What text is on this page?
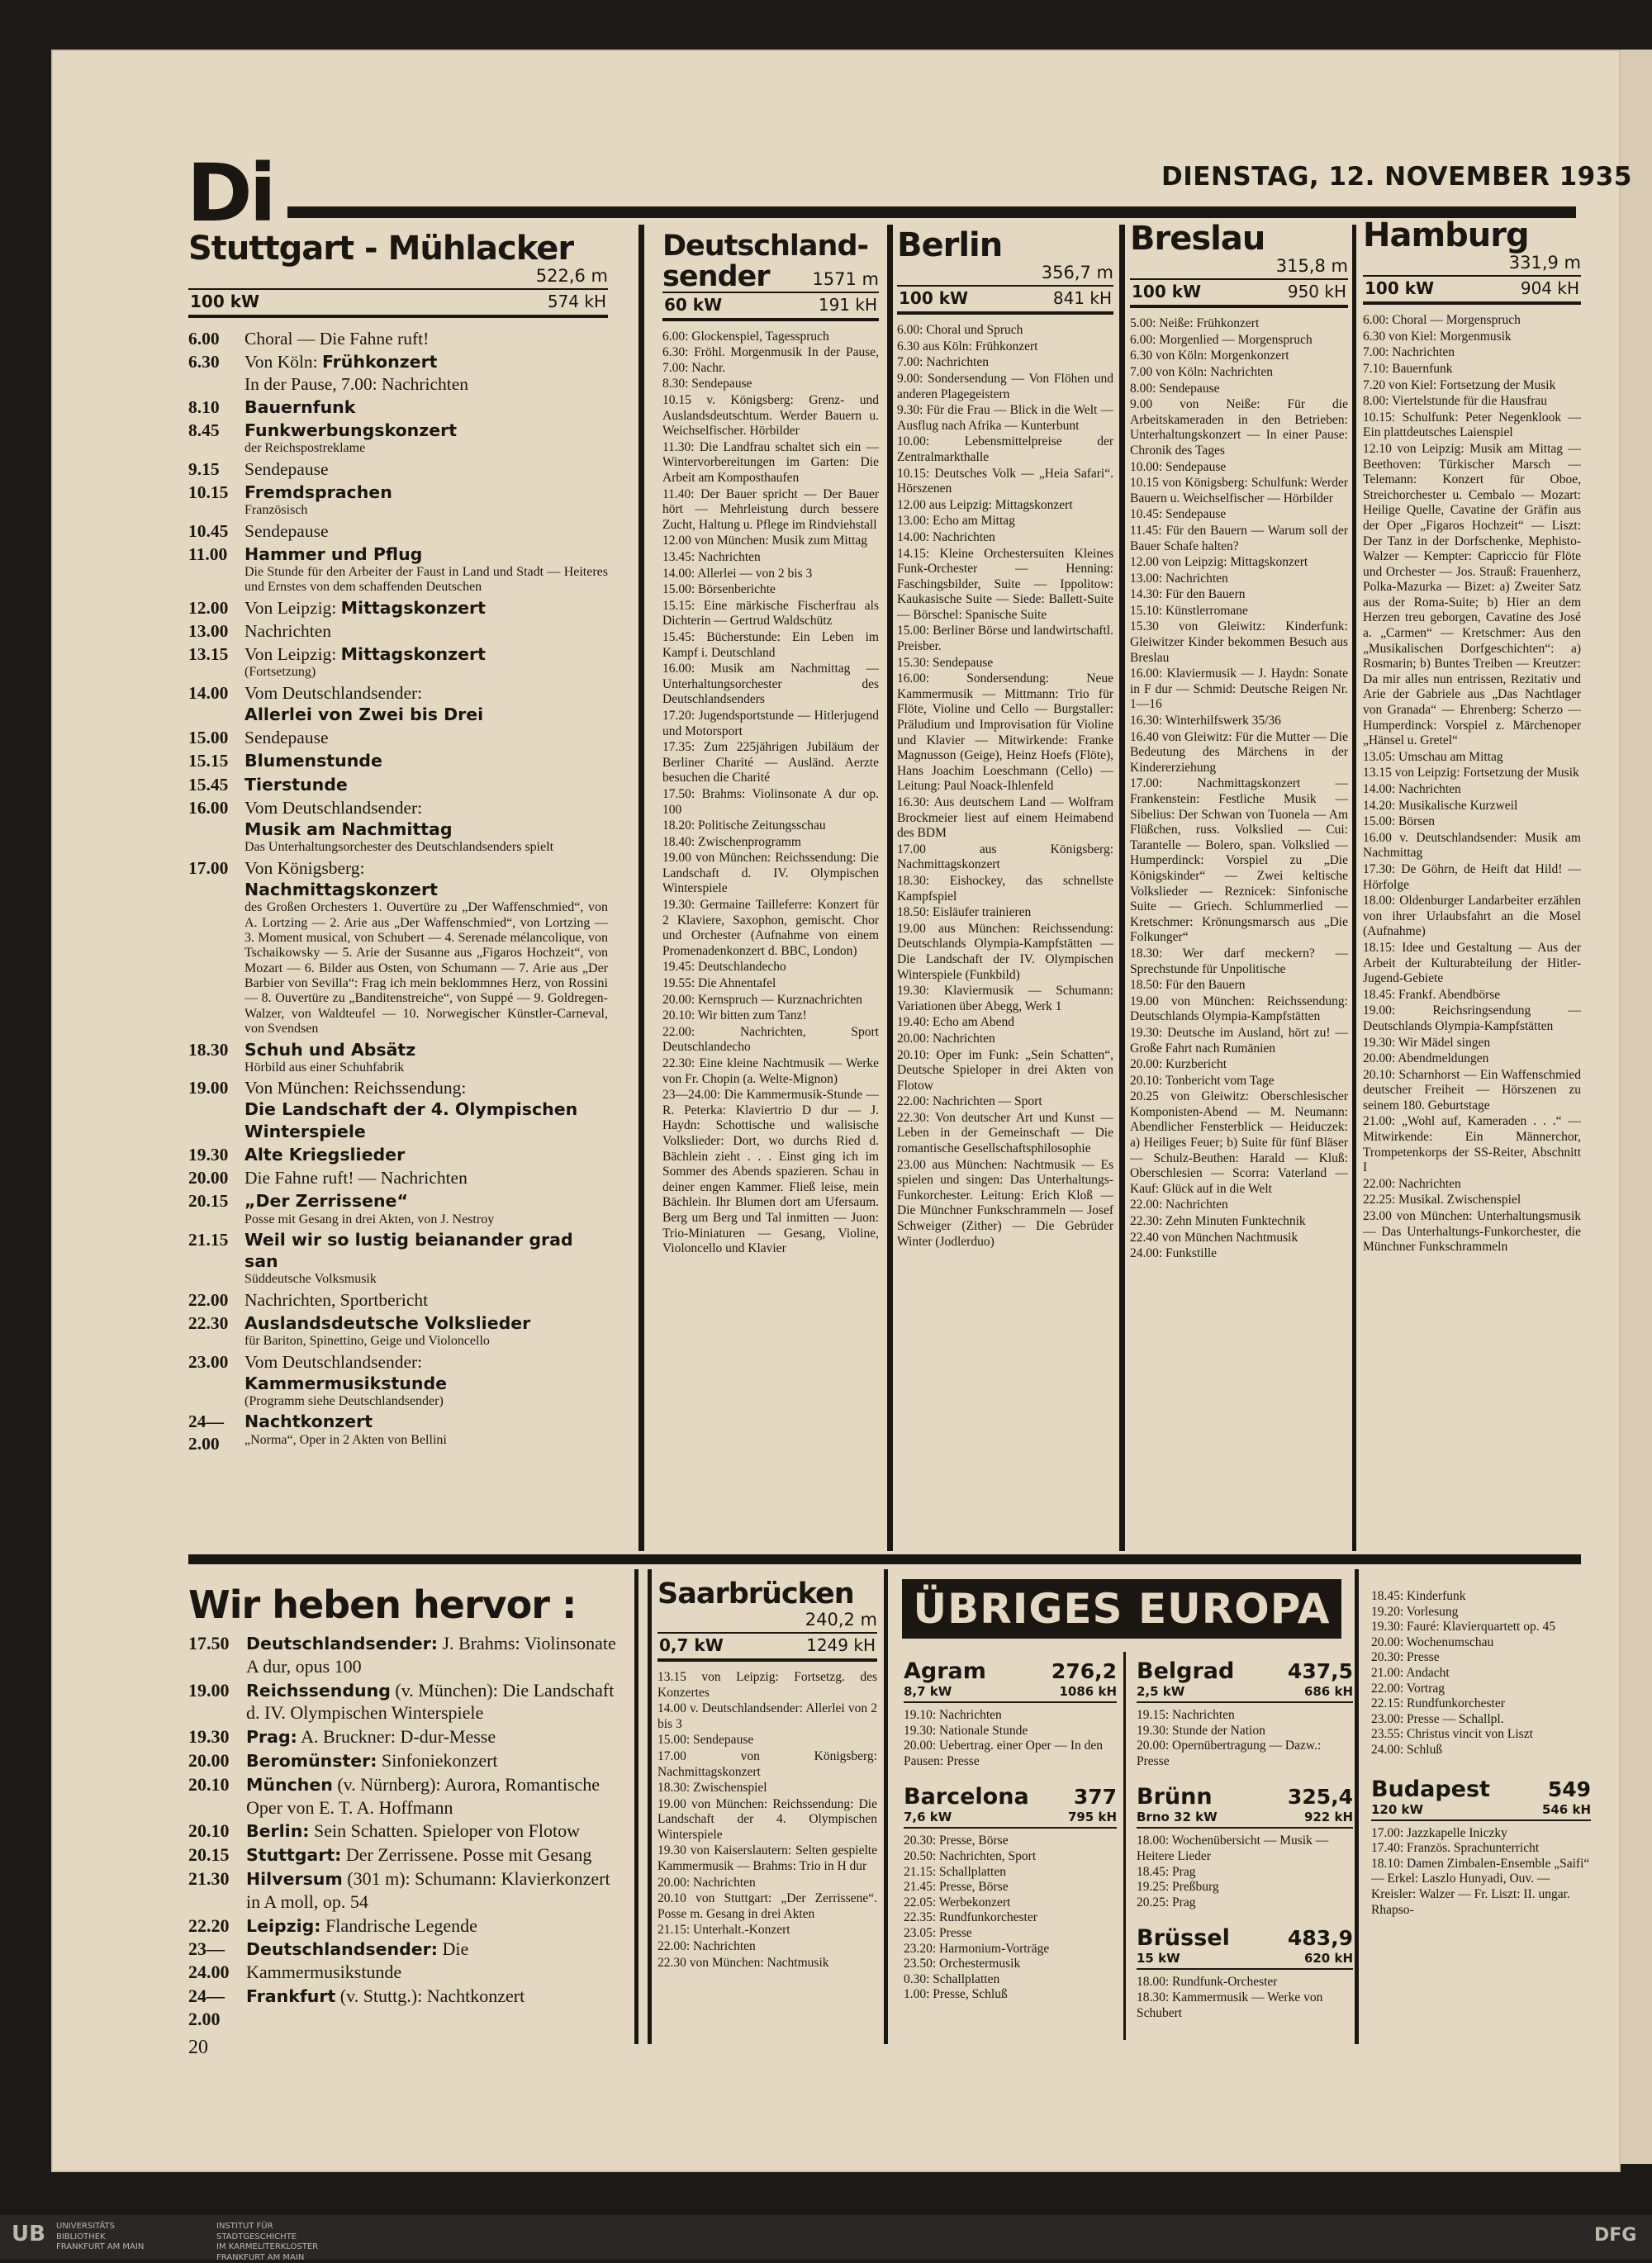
Di	DIENSTAG, 12. NOVEMBER 1935
Stuttgart - Mühlacker
522,6 m
100 kW	574 kH
6.00	Choral — Die Fahne ruft!
6.30	Von Köln: Frühkonzert
In der Pause, 7.00: Nachrichten
8.10	Bauernfunk
8.45	Funkwerbungskonzert
der Reichspostreklame
9.15	Sendepause
10.15 Fremdsprachen
Französisch
10.45 Sendepause
11.00	Hammer und Pflug
Die Stunde für den Arbeiter der Faust in Land und Stadt — Heiteres und Ernstes von dem schaffenden Deutschen
12.00 Von Leipzig: Mittagskonzert
13.00 Nachrichten
13.15 Von Leipzig: Mittagskonzert
(Fortsetzung)
14.00 Vom Deutschlandsender:
Allerlei von Zwei bis Drei
15.00 Sendepause
15.15 Blumenstunde
15.45 Tierstunde
16.00 Vom Deutschlandsender:
Musik am Nachmittag
Das Unterhaltungsorchester des Deutschlandsenders spielt
17.00 Von Königsberg:
Nachmittagskonzert
des Großen Orchesters 1. Ouvertüre zu „Der Waffenschmied“, von A. Lortzing — 2. Arie aus „Der Waffenschmied“, von Lortzing — 3. Moment musical, von Schubert — 4. Serenade mélancolique, von Tschaikowsky — 5. Arie der Susanne aus „Figaros Hochzeit“, von Mozart — 6. Bilder aus Osten, von Schumann — 7. Arie aus „Der Barbier von Sevilla“: Frag ich mein beklommnes Herz, von Rossini — 8. Ouvertüre zu „Banditenstreiche“, von Suppé — 9. Goldregen-Walzer, von Waldteufel — 10. Norwegischer Künstler-Carneval, von Svendsen
18.30 Schuh und Absätz
Hörbild aus einer Schuhfabrik
19.00 Von München: Reichssendung:
Die Landschaft der 4. Olympischen Winterspiele
19.30 Alte Kriegslieder
20.00 Die Fahne ruft! — Nachrichten
20.15 „Der Zerrissene“
Posse mit Gesang in drei Akten, von J. Nestroy
21.15 Weil wir so lustig beianander grad san
Süddeutsche Volksmusik
22.00 Nachrichten, Sportbericht
22.30 Auslandsdeutsche Volkslieder
für Bariton, Spinettino, Geige und Violoncello
23.00 Vom Deutschlandsender:
Kammermusikstunde
(Programm siehe Deutschlandsender)
24—2.00
Nachtkonzert
„Norma“, Oper in 2 Akten von Bellini
Deutschland-
sender	1571 m
60 kW	191 kH

6.00: Glockenspiel, Tagesspruch

6.30: Fröhl. Morgenmusik In der Pause, 7.00: Nachr.

8.30: Sendepause

10.15 v. Königsberg: Grenz- und Auslandsdeutschtum. Werder Bauern u. Weichselfischer. Hörbilder

11.30: Die Landfrau schaltet sich ein — Wintervorbereitungen im Garten: Die Arbeit am Komposthaufen

11.40: Der Bauer spricht — Der Bauer hört — Mehrleistung durch bessere Zucht, Haltung u. Pflege im Rindviehstall

12.00 von München: Musik zum Mittag

13.45: Nachrichten

14.00: Allerlei — von 2 bis 3

15.00: Börsenberichte

15.15: Eine märkische Fischerfrau als Dichterin — Gertrud Waldschütz

15.45: Bücherstunde: Ein Leben im Kampf i. Deutschland

16.00: Musik am Nachmittag — Unterhaltungsorchester des Deutschlandsenders

17.20: Jugendsportstunde — Hitlerjugend und Motorsport

17.35: Zum 225jährigen Jubiläum der Berliner Charité — Ausländ. Aerzte besuchen die Charité

17.50: Brahms: Violinsonate A dur op. 100

18.20: Politische Zeitungsschau

18.40: Zwischenprogramm

19.00 von München: Reichssendung: Die Landschaft d. IV. Olympischen Winterspiele

19.30: Germaine Tailleferre: Konzert für 2 Klaviere, Saxophon, gemischt. Chor und Orchester (Aufnahme von einem Promenadenkonzert d. BBC, London)

19.45: Deutschlandecho

19.55: Die Ahnentafel

20.00: Kernspruch — Kurznachrichten

20.10: Wir bitten zum Tanz!

22.00: Nachrichten, Sport Deutschlandecho

22.30: Eine kleine Nachtmusik — Werke von Fr. Chopin (a. Welte-Mignon)

23—24.00: Die Kammermusik-Stunde — R. Peterka: Klaviertrio D dur — J. Haydn: Schottische und walisische Volkslieder: Dort, wo durchs Ried d. Bächlein zieht . . . Einst ging ich im Sommer des Abends spazieren. Schau in deiner engen Kammer. Fließ leise, mein Bächlein. Ihr Blumen dort am Ufersaum. Berg um Berg und Tal inmitten — Juon: Trio-Miniaturen — Gesang, Violine, Violoncello und Klavier

Berlin
356,7 m
100 kW	841 kH

6.00: Choral und Spruch

6.30 aus Köln: Frühkonzert

7.00: Nachrichten

9.00: Sondersendung — Von Flöhen und anderen Plagegeistern

9.30: Für die Frau — Blick in die Welt — Ausflug nach Afrika — Kunterbunt

10.00: Lebensmittelpreise der Zentralmarkthalle

10.15: Deutsches Volk — „Heia Safari“. Hörszenen

12.00 aus Leipzig: Mittagskonzert

13.00: Echo am Mittag

14.00: Nachrichten

14.15: Kleine Orchestersuiten Kleines Funk-Orchester — Henning: Faschingsbilder, Suite — Ippolitow: Kaukasische Suite — Siede: Ballett-Suite — Börschel: Spanische Suite

15.00: Berliner Börse und landwirtschaftl. Preisber.

15.30: Sendepause

16.00: Sondersendung: Neue Kammermusik — Mittmann: Trio für Flöte, Violine und Cello — Burgstaller: Präludium und Improvisation für Violine und Klavier — Mitwirkende: Franke Magnusson (Geige), Heinz Hoefs (Flöte), Hans Joachim Loeschmann (Cello) — Leitung: Paul Noack-Ihlenfeld

16.30: Aus deutschem Land — Wolfram Brockmeier liest auf einem Heimabend des BDM

17.00 aus Königsberg: Nachmittagskonzert

18.30: Eishockey, das schnellste Kampfspiel

18.50: Eisläufer trainieren

19.00 aus München: Reichssendung: Deutschlands Olympia-Kampfstätten — Die Landschaft der IV. Olympischen Winterspiele (Funkbild)

19.30: Klaviermusik — Schumann: Variationen über Abegg, Werk 1

19.40: Echo am Abend

20.00: Nachrichten

20.10: Oper im Funk: „Sein Schatten“, Deutsche Spieloper in drei Akten von Flotow

22.00: Nachrichten — Sport

22.30: Von deutscher Art und Kunst — Leben in der Gemeinschaft — Die romantische Gesellschaftsphilosophie

23.00 aus München: Nachtmusik — Es spielen und singen: Das Unterhaltungs-Funkorchester. Leitung: Erich Kloß — Die Münchner Funkschrammeln — Josef Schweiger (Zither) — Die Gebrüder Winter (Jodlerduo)

Breslau
315,8 m
100 kW	950 kH

5.00: Neiße: Frühkonzert

6.00: Morgenlied — Morgenspruch

6.30 von Köln: Morgenkonzert

7.00 von Köln: Nachrichten

8.00: Sendepause

9.00 von Neiße: Für die Arbeitskameraden in den Betrieben: Unterhaltungskonzert — In einer Pause: Chronik des Tages

10.00: Sendepause

10.15 von Königsberg: Schulfunk: Werder Bauern u. Weichselfischer — Hörbilder

10.45: Sendepause

11.45: Für den Bauern — Warum soll der Bauer Schafe halten?

12.00 von Leipzig: Mittagskonzert

13.00: Nachrichten

14.30: Für den Bauern

15.10: Künstlerromane

15.30 von Gleiwitz: Kinderfunk: Gleiwitzer Kinder bekommen Besuch aus Breslau

16.00: Klaviermusik — J. Haydn: Sonate in F dur — Schmid: Deutsche Reigen Nr. 1—16

16.30: Winterhilfswerk 35/36

16.40 von Gleiwitz: Für die Mutter — Die Bedeutung des Märchens in der Kindererziehung

17.00: Nachmittagskonzert — Frankenstein: Festliche Musik — Sibelius: Der Schwan von Tuonela — Am Flüßchen, russ. Volkslied — Cui: Tarantelle — Bolero, span. Volkslied — Humperdinck: Vorspiel zu „Die Königskinder“ — Zwei keltische Volkslieder — Reznicek: Sinfonische Suite — Griech. Schlummerlied — Kretschmer: Krönungsmarsch aus „Die Folkunger“

18.30: Wer darf meckern? — Sprechstunde für Unpolitische

18.50: Für den Bauern

19.00 von München: Reichssendung: Deutschlands Olympia-Kampfstätten

19.30: Deutsche im Ausland, hört zu! — Große Fahrt nach Rumänien

20.00: Kurzbericht

20.10: Tonbericht vom Tage

20.25 von Gleiwitz: Oberschlesischer Komponisten-Abend — M. Neumann: Abendlicher Fensterblick — Heiduczek: a) Heiliges Feuer; b) Suite für fünf Bläser — Schulz-Beuthen: Harald — Kluß: Oberschlesien — Scorra: Vaterland — Kauf: Glück auf in die Welt

22.00: Nachrichten

22.30: Zehn Minuten Funktechnik

22.40 von München Nachtmusik

24.00: Funkstille

Hamburg
331,9 m
100 kW	904 kH

6.00: Choral — Morgenspruch

6.30 von Kiel: Morgenmusik

7.00: Nachrichten

7.10: Bauernfunk

7.20 von Kiel: Fortsetzung der Musik

8.00: Viertelstunde für die Hausfrau

10.15: Schulfunk: Peter Negenklook — Ein plattdeutsches Laienspiel

12.10 von Leipzig: Musik am Mittag — Beethoven: Türkischer Marsch — Telemann: Konzert für Oboe, Streichorchester u. Cembalo — Mozart: Heilige Quelle, Cavatine der Gräfin aus der Oper „Figaros Hochzeit“ — Liszt: Der Tanz in der Dorfschenke, Mephisto-Walzer — Kempter: Capriccio für Flöte und Orchester — Jos. Strauß: Frauenherz, Polka-Mazurka — Bizet: a) Zweiter Satz aus der Roma-Suite; b) Hier an dem Herzen treu geborgen, Cavatine des José a. „Carmen“ — Kretschmer: Aus den „Musikalischen Dorfgeschichten“: a) Rosmarin; b) Buntes Treiben — Kreutzer: Da mir alles nun entrissen, Rezitativ und Arie der Gabriele aus „Das Nachtlager von Granada“ — Ehrenberg: Scherzo — Humperdinck: Vorspiel z. Märchenoper „Hänsel u. Gretel“

13.05: Umschau am Mittag

13.15 von Leipzig: Fortsetzung der Musik

14.00: Nachrichten

14.20: Musikalische Kurzweil

15.00: Börsen

16.00 v. Deutschlandsender: Musik am Nachmittag

17.30: De Göhrn, de Heift dat Hild! — Hörfolge

18.00: Oldenburger Landarbeiter erzählen von ihrer Urlaubsfahrt an die Mosel (Aufnahme)

18.15: Idee und Gestaltung — Aus der Arbeit der Kulturabteilung der Hitler-Jugend-Gebiete

18.45: Frankf. Abendbörse

19.00: Reichsringsendung — Deutschlands Olympia-Kampfstätten

19.30: Wir Mädel singen

20.00: Abendmeldungen

20.10: Scharnhorst — Ein Waffenschmied deutscher Freiheit — Hörszenen zu seinem 180. Geburtstage

21.00: „Wohl auf, Kameraden . . .“ — Mitwirkende: Ein Männerchor, Trompetenkorps der SS-Reiter, Abschnitt I

22.00: Nachrichten

22.25: Musikal. Zwischenspiel

23.00 von München: Unterhaltungsmusik — Das Unterhaltungs-Funkorchester, die Münchner Funkschrammeln

Wir heben hervor :
17.50	Deutschlandsender: J. Brahms: Violinsonate A dur, opus 100
19.00	Reichssendung (v. München): Die Landschaft d. IV. Olympischen Winterspiele
19.30	Prag: A. Bruckner: D-dur-Messe
20.00	Beromünster: Sinfoniekonzert
20.10	München (v. Nürnberg): Aurora, Romantische Oper von E. T. A. Hoffmann
20.10	Berlin: Sein Schatten. Spieloper von Flotow
20.15	Stuttgart: Der Zerrissene. Posse mit Gesang
21.30	Hilversum (301 m): Schumann: Klavierkonzert in A moll, op. 54
22.20	Leipzig: Flandrische Legende
23—24.00
Deutschlandsender: Die Kammermusikstunde
24—2.00
Frankfurt (v. Stuttg.): Nachtkonzert
20
Saarbrücken
240,2 m
0,7 kW	1249 kH

13.15 von Leipzig: Fortsetzg. des Konzertes

14.00 v. Deutschlandsender: Allerlei von 2 bis 3

15.00: Sendepause

17.00 von Königsberg: Nachmittagskonzert

18.30: Zwischenspiel

19.00 von München: Reichssendung: Die Landschaft der 4. Olympischen Winterspiele

19.30 von Kaiserslautern: Selten gespielte Kammermusik — Brahms: Trio in H dur

20.00: Nachrichten

20.10 von Stuttgart: „Der Zerrissene“. Posse m. Gesang in drei Akten

21.15: Unterhalt.-Konzert

22.00: Nachrichten

22.30 von München: Nachtmusik

ÜBRIGES EUROPA
Agram	276,2
8,7 kW	1086 kH

19.10: Nachrichten

19.30: Nationale Stunde

20.00: Uebertrag. einer Oper — In den Pausen: Presse

Barcelona 377
7,6 kW	795 kH

20.30: Presse, Börse

20.50: Nachrichten, Sport

21.15: Schallplatten

21.45: Presse, Börse

22.05: Werbekonzert

22.35: Rundfunkorchester

23.05: Presse

23.20: Harmonium-Vorträge

23.50: Orchestermusik

0.30: Schallplatten

1.00: Presse, Schluß

Belgrad	437,5
2,5 kW	686 kH

19.15: Nachrichten

19.30: Stunde der Nation

20.00: Opernübertragung — Dazw.: Presse

Brünn	325,4
Brno 32 kW	922 kH

18.00: Wochenübersicht — Musik — Heitere Lieder

18.45: Prag

19.25: Preßburg

20.25: Prag

Brüssel	483,9
15 kW	620 kH

18.00: Rundfunk-Orchester

18.30: Kammermusik — Werke von Schubert

18.45: Kinderfunk

19.20: Vorlesung

19.30: Fauré: Klavierquartett op. 45

20.00: Wochenumschau

20.30: Presse

21.00: Andacht

22.00: Vortrag

22.15: Rundfunkorchester

23.00: Presse — Schallpl.

23.55: Christus vincit von Liszt

24.00: Schluß

Budapest	549
120 kW	546 kH

17.00: Jazzkapelle Iniczky

17.40: Französ. Sprachunterricht

18.10: Damen Zimbalen-Ensemble „Saifi“ — Erkel: Laszlo Hunyadi, Ouv. — Kreisler: Walzer — Fr. Liszt: II. ungar. Rhapso-

UB UNIVERSITÄTS
BIBLIOTHEK
FRANKFURT AM MAIN
INSTITUT FÜR
STADTGESCHICHTE
IM KARMELITERKLOSTER
FRANKFURT AM MAIN
DFG
